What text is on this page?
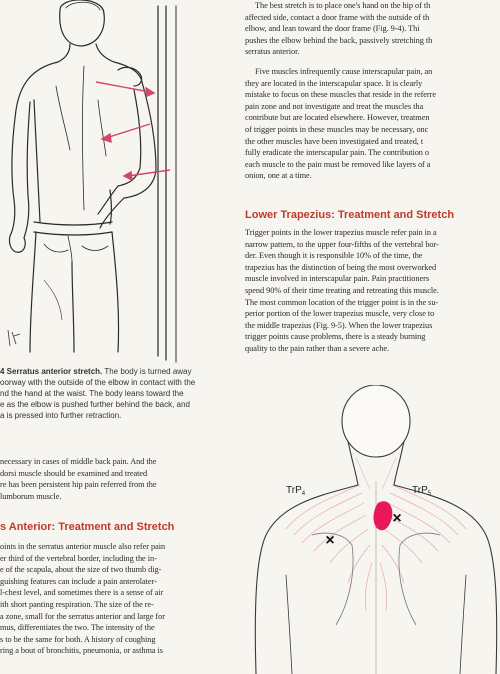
4 Serratus anterior stretch. The body is turned away
oorway with the outside of the elbow in contact with the
nd the hand at the waist. The body leans toward the
e as the elbow is pushed further behind the back, and
a is pressed into further retraction.

necessary in cases of middle back pain. And the

dorsi muscle should be examined and treated

re has been persistent hip pain referred from the

lumborum muscle.

s Anterior: Treatment and Stretch

oints in the serratus anterior muscle also refer pain

er third of the vertebral border, including the in-

e of the scapula, about the size of two thumb dig-

guishing features can include a pain anterolater-

l-chest level, and sometimes there is a sense of air

ith short panting respiration. The size of the re-

a zone, small for the serratus anterior and large for

mus, differentiates the two. The intensity of the

s to be the same for both. A history of coughing

ring a bout of bronchitis, pneumonia, or asthma is

The best stretch is to place one's hand on the hip of th

affected side, contact a door frame with the outside of th

elbow, and lean toward the door frame (Fig. 9-4). Thi

pushes the elbow behind the back, passively stretching th

serratus anterior.

Five muscles infrequently cause interscapular pain, an

they are located in the interscapular space. It is clearly

mistake to focus on these muscles that reside in the referre

pain zone and not investigate and treat the muscles tha

contribute but are located elsewhere. However, treatmen

of trigger points in these muscles may be necessary, onc

the other muscles have been investigated and treated, t

fully eradicate the interscapular pain. The contribution o

each muscle to the pain must be removed like layers of a

onion, one at a time.

Lower Trapezius: Treatment and Stretch

Trigger points in the lower trapezius muscle refer pain in a

narrow pattern, to the upper four-fifths of the vertebral bor-

der. Even though it is responsible 10% of the time, the

trapezius has the distinction of being the most overworked

muscle involved in interscapular pain. Pain practitioners

spend 90% of their time treating and retreating this muscle.

The most common location of the trigger point is in the su-

perior portion of the lower trapezius muscle, very close to

the middle trapezius (Fig. 9-5). When the lower trapezius

trigger points cause problems, there is a steady burning

quality to the pain rather than a severe ache.

×
×
TrP$_4$	TrP$_5$
